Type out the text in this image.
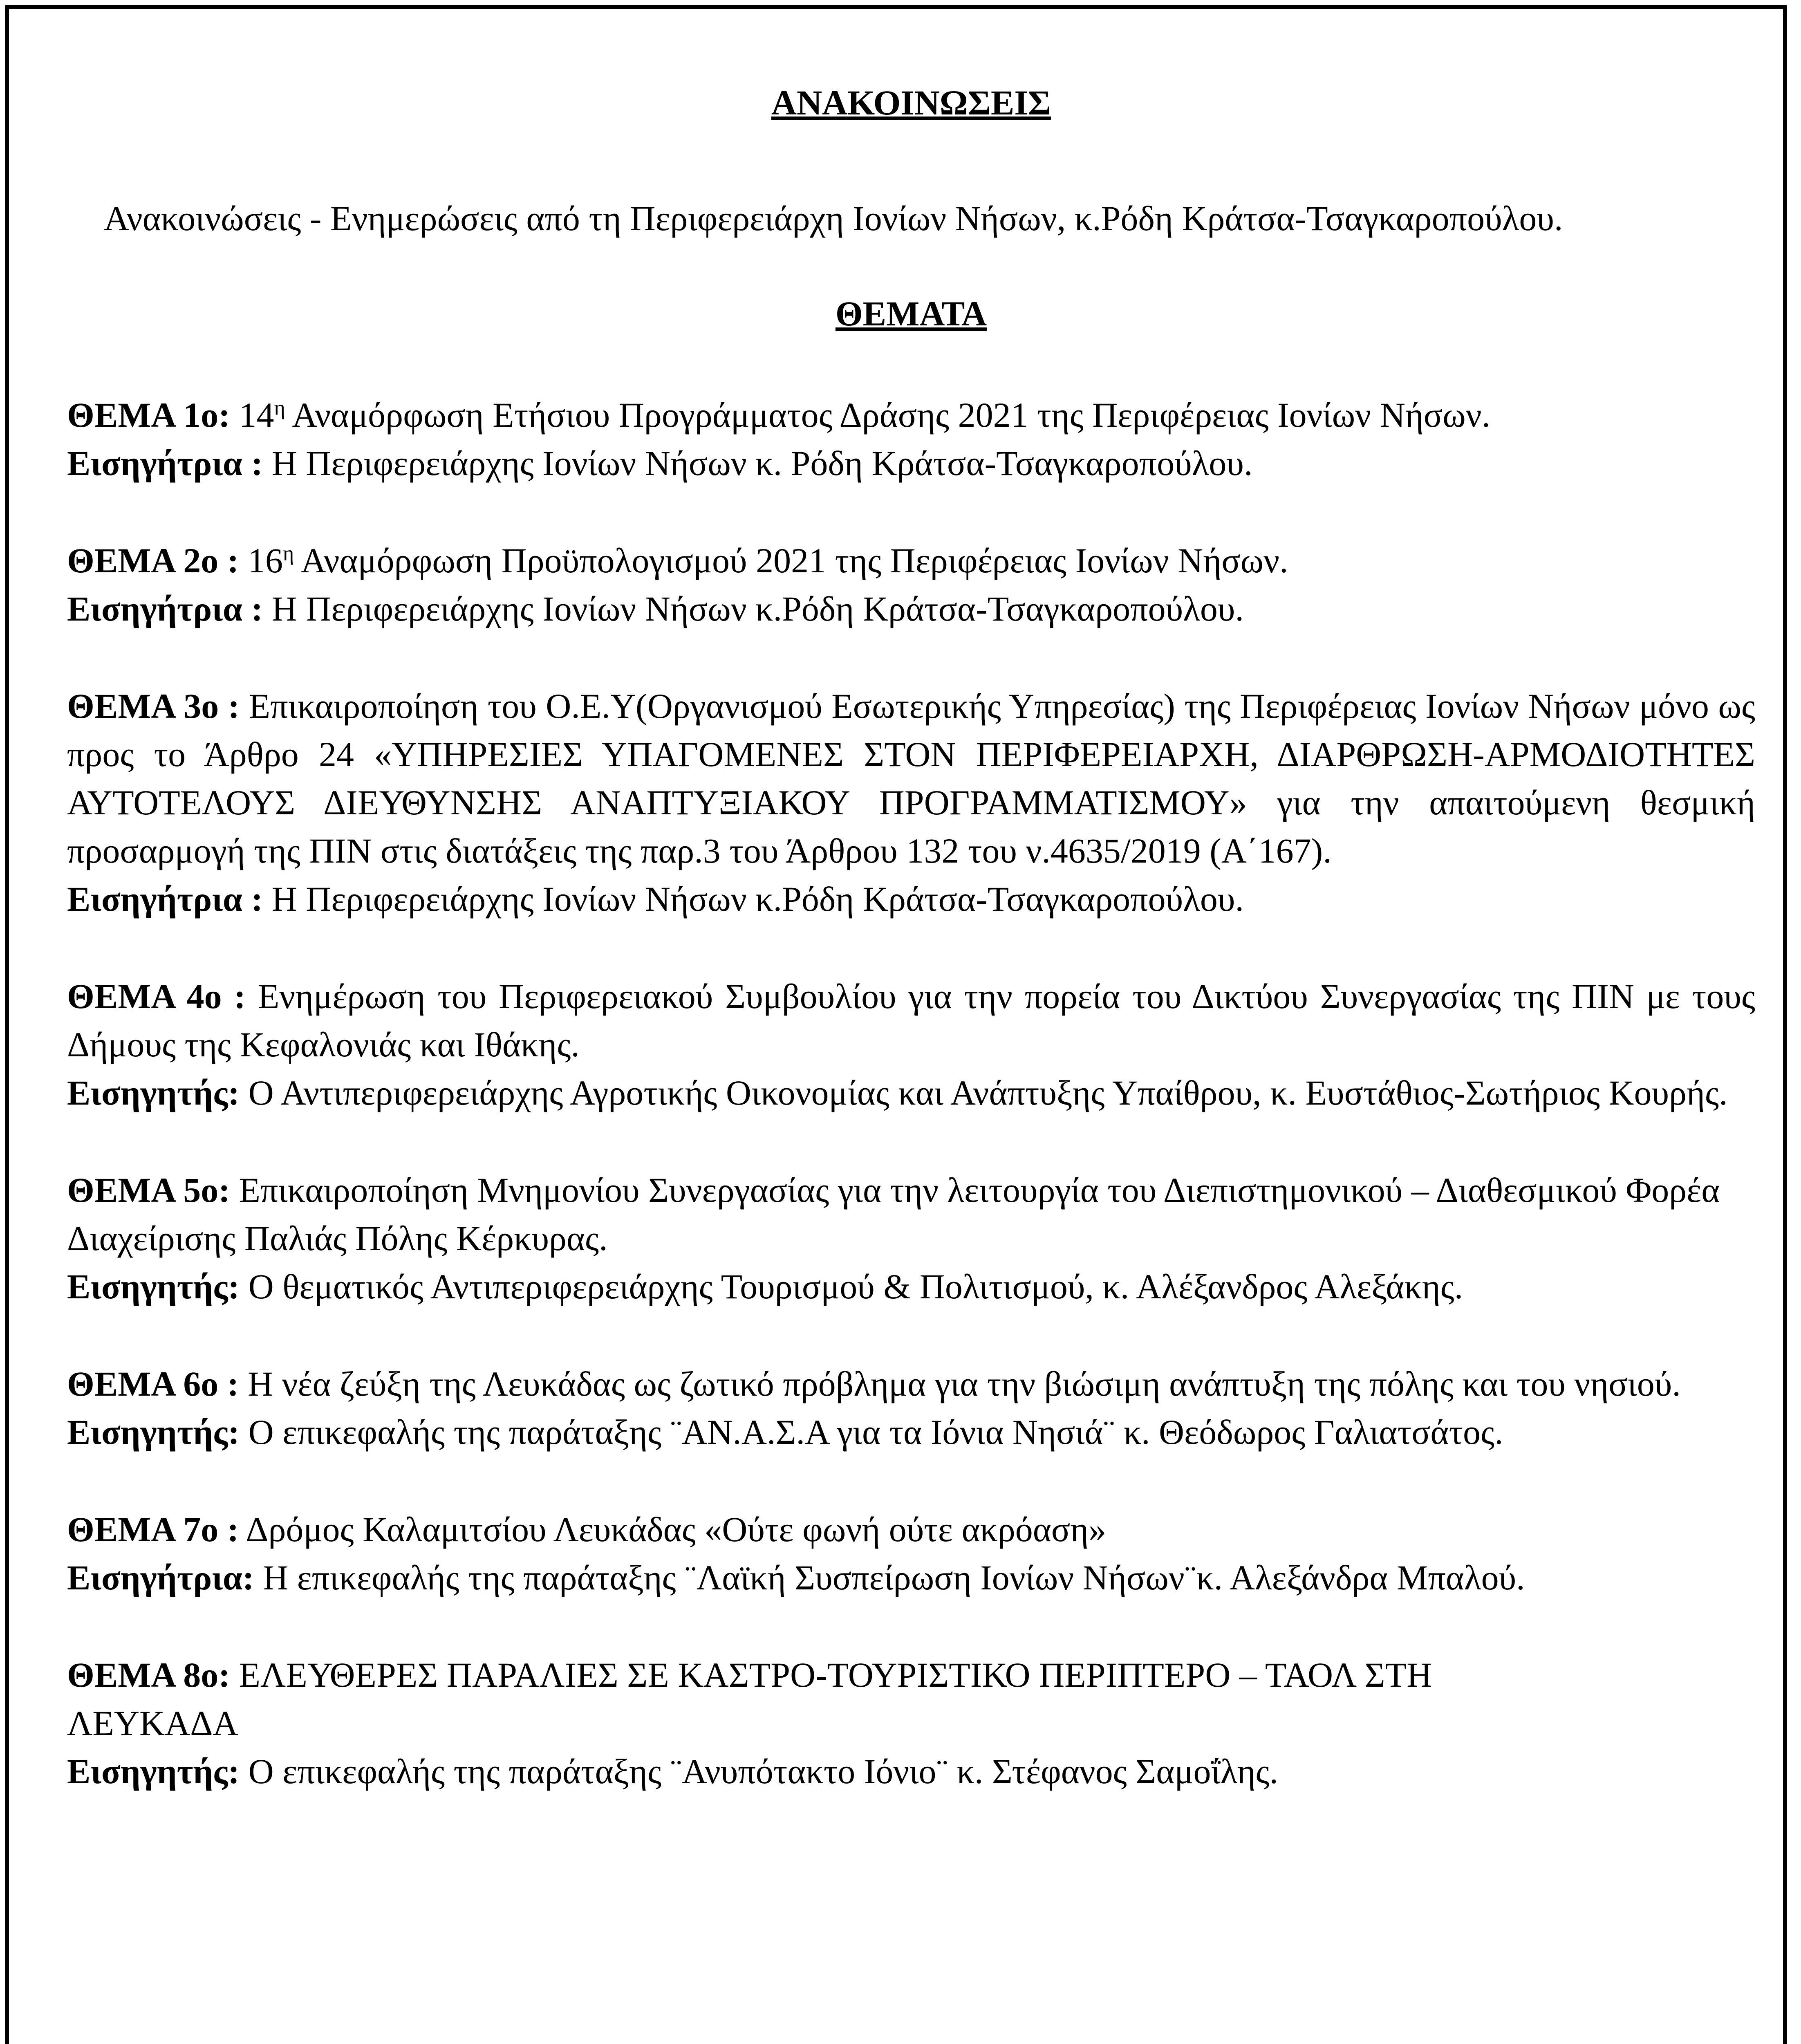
ΑΝΑΚΟΙΝΩΣΕΙΣ
Ανακοινώσεις - Ενημερώσεις από τη Περιφερειάρχη Ιονίων Νήσων, κ.Ρόδη Κράτσα-Τσαγκαροπούλου.
ΘΕΜΑΤΑ
ΘΕΜΑ 1ο: $14^\eta$ Αναμόρφωση Ετήσιου Προγράμματος Δράσης 2021 της Περιφέρειας Ιονίων Νήσων.
Εισηγήτρια : Η Περιφερειάρχης Ιονίων Νήσων κ. Ρόδη Κράτσα-Τσαγκαροπούλου.
ΘΕΜΑ 2ο : $16^\eta$ Αναμόρφωση Προϋπολογισμού 2021 της Περιφέρειας Ιονίων Νήσων.
Εισηγήτρια : Η Περιφερειάρχης Ιονίων Νήσων κ.Ρόδη Κράτσα-Τσαγκαροπούλου.
ΘΕΜΑ 3ο : Επικαιροποίηση του Ο.Ε.Υ(Οργανισμού Εσωτερικής Υπηρεσίας) της Περιφέρειας Ιονίων Νήσων μόνο ως προς το Άρθρο 24 «ΥΠΗΡΕΣΙΕΣ ΥΠΑΓΟΜΕΝΕΣ ΣΤΟΝ ΠΕΡΙΦΕΡΕΙΑΡΧΗ, ΔΙΑΡΘΡΩΣΗ-ΑΡΜΟΔΙΟΤΗΤΕΣ ΑΥΤΟΤΕΛΟΥΣ ΔΙΕΥΘΥΝΣΗΣ ΑΝΑΠΤΥΞΙΑΚΟΥ ΠΡΟΓΡΑΜΜΑΤΙΣΜΟΥ» για την απαιτούμενη θεσμική προσαρμογή της ΠΙΝ στις διατάξεις της παρ.3 του Άρθρου 132 του ν.4635/2019 (Α΄167).
Εισηγήτρια : Η Περιφερειάρχης Ιονίων Νήσων κ.Ρόδη Κράτσα-Τσαγκαροπούλου.
ΘΕΜΑ 4ο : Ενημέρωση του Περιφερειακού Συμβουλίου για την πορεία του Δικτύου Συνεργασίας της ΠΙΝ με τους Δήμους της Κεφαλονιάς και Ιθάκης.
Εισηγητής: Ο Αντιπεριφερειάρχης Αγροτικής Οικονομίας και Ανάπτυξης Υπαίθρου, κ. Ευστάθιος-Σωτήριος Κουρής.
ΘΕΜΑ 5ο: Επικαιροποίηση Μνημονίου Συνεργασίας για την λειτουργία του Διεπιστημονικού – Διαθεσμικού Φορέα Διαχείρισης Παλιάς Πόλης Κέρκυρας.
Εισηγητής: Ο θεματικός Αντιπεριφερειάρχης Τουρισμού & Πολιτισμού, κ. Αλέξανδρος Αλεξάκης.
ΘΕΜΑ 6ο : Η νέα ζεύξη της Λευκάδας ως ζωτικό πρόβλημα για την βιώσιμη ανάπτυξη της πόλης και του νησιού.
Εισηγητής: Ο επικεφαλής της παράταξης ¨ΑΝ.Α.Σ.Α για τα Ιόνια Νησιά¨ κ. Θεόδωρος Γαλιατσάτος.
ΘΕΜΑ 7ο : Δρόμος Καλαμιτσίου Λευκάδας «Ούτε φωνή ούτε ακρόαση»
Εισηγήτρια: Η επικεφαλής της παράταξης ¨Λαϊκή Συσπείρωση Ιονίων Νήσων¨κ. Αλεξάνδρα Μπαλού.
ΘΕΜΑ 8ο: ΕΛΕΥΘΕΡΕΣ ΠΑΡΑΛΙΕΣ ΣΕ ΚΑΣΤΡΟ-ΤΟΥΡΙΣΤΙΚΟ ΠΕΡΙΠΤΕΡΟ – ΤΑΟΛ ΣΤΗ ΛΕΥΚΑΔΑ
Εισηγητής: Ο επικεφαλής της παράταξης ¨Ανυπότακτο Ιόνιο¨ κ. Στέφανος Σαμοΐλης.
